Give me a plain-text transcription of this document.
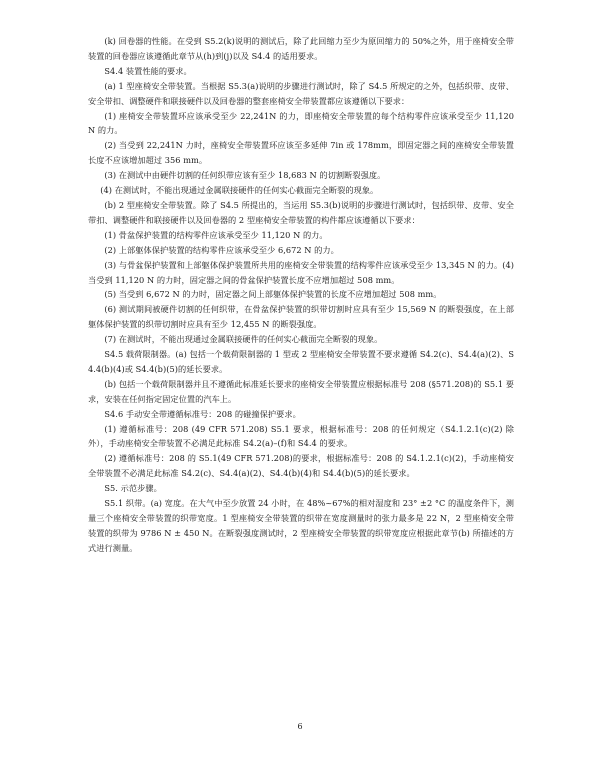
(k) 回卷器的性能。在受到 S5.2(k)说明的测试后，除了此回缩力至少为原回缩力的 50%之外，用于座椅安全带装置的回卷器应该遵循此章节从(h)到(j)以及 S4.4 的适用要求。

S4.4 装置性能的要求。

(a) 1 型座椅安全带装置。当根据 S5.3(a)说明的步骤进行测试时，除了 S4.5 所规定的之外，包括织带、皮带、安全带扣、调整硬件和联接硬件以及回卷器的整套座椅安全带装置都应该遵循以下要求：

(1) 座椅安全带装置环应该承受至少 22,241N 的力，即座椅安全带装置的每个结构零件应该承受至少 11,120 N 的力。

(2) 当受到 22,241N 力时，座椅安全带装置环应该至多延伸 7in 或 178mm，即固定器之间的座椅安全带装置长度不应该增加超过 356 mm。

(3) 在测试中由硬件切割的任何织带应该有至少 18,683 N 的切割断裂强度。

(4) 在测试时，不能出现通过金属联接硬件的任何实心截面完全断裂的现象。

(b) 2 型座椅安全带装置。除了 S4.5 所提出的，当运用 S5.3(b)说明的步骤进行测试时，包括织带、皮带、安全带扣、调整硬件和联接硬件以及回卷器的 2 型座椅安全带装置的构件都应该遵循以下要求：

(1) 骨盆保护装置的结构零件应该承受至少 11,120 N 的力。

(2) 上部躯体保护装置的结构零件应该承受至少 6,672 N 的力。

(3) 与骨盆保护装置和上部躯体保护装置所共用的座椅安全带装置的结构零件应该承受至少 13,345 N 的力。(4) 当受到 11,120 N 的力时，固定器之间的骨盆保护装置长度不应增加超过 508 mm。

(5) 当受到 6,672 N 的力时，固定器之间上部躯体保护装置的长度不应增加超过 508 mm。

(6) 测试期间被硬件切割的任何织带，在骨盆保护装置的织带切割时应具有至少 15,569 N 的断裂强度，在上部躯体保护装置的织带切割时应具有至少 12,455 N 的断裂强度。

(7) 在测试时，不能出现通过金属联接硬件的任何实心截面完全断裂的现象。

S4.5 载荷限制器。(a) 包括一个载荷限制器的 1 型或 2 型座椅安全带装置不要求遵循 S4.2(c)、S4.4(a)(2)、S4.4(b)(4)或 S4.4(b)(5)的延长要求。

(b) 包括一个载荷限制器并且不遵循此标准延长要求的座椅安全带装置应根据标准号 208 (§571.208)的 S5.1 要求，安装在任何指定固定位置的汽车上。

S4.6 手动安全带遵循标准号：208 的碰撞保护要求。

(1) 遵循标准号：208 (49 CFR 571.208) S5.1 要求，根据标准号：208 的任何规定（S4.1.2.1(c)(2) 除外），手动座椅安全带装置不必满足此标准 S4.2(a)–(f)和 S4.4 的要求。

(2) 遵循标准号：208 的 S5.1(49 CFR 571.208)的要求，根据标准号：208 的 S4.1.2.1(c)(2)，手动座椅安全带装置不必满足此标准 S4.2(c)、S4.4(a)(2)、S4.4(b)(4)和 S4.4(b)(5)的延长要求。

S5. 示范步骤。

S5.1 织带。(a) 宽度。在大气中至少放置 24 小时，在 48%~67%的相对湿度和 23° ±2 °C 的温度条件下，测量三个座椅安全带装置的织带宽度。1 型座椅安全带装置的织带在宽度测量时的张力最多是 22 N，2 型座椅安全带装置的织带为 9786 N ± 450 N。在断裂强度测试时，2 型座椅安全带装置的织带宽度应根据此章节(b) 所描述的方式进行测量。

6
